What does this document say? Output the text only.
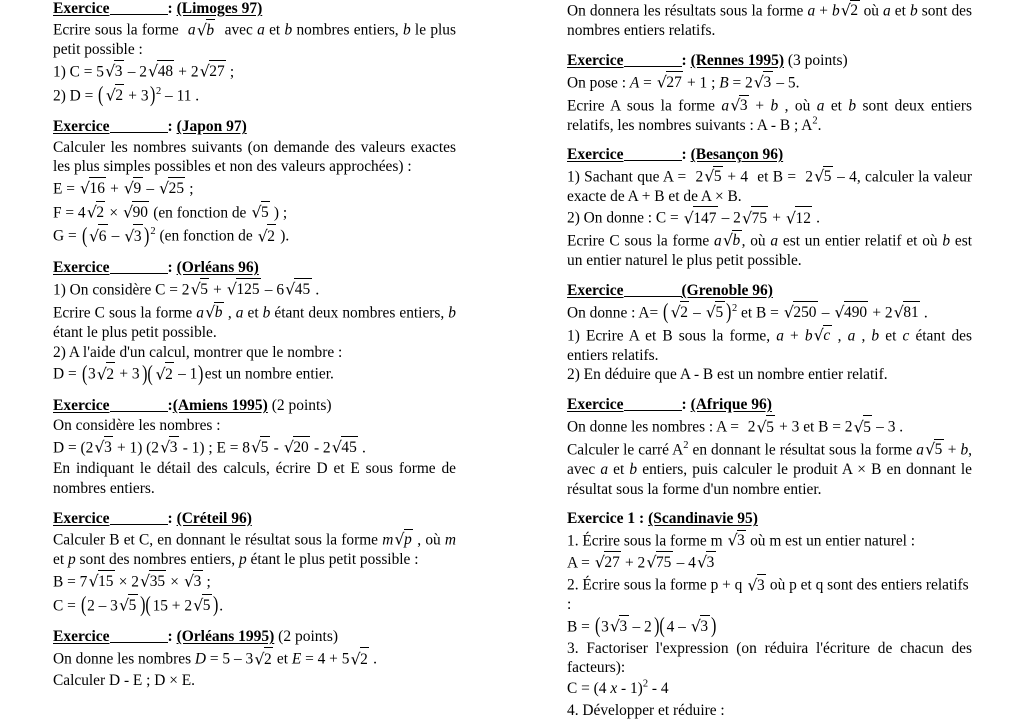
Exercice	: (Limoges 97)

Ecrire sous la forme a√b avec a et b nombres entiers, b le plus petit possible :

1) C = 5√3 – 2√48 + 2√27 ;

2) D = ( √2 + 3)$^2$ – 11 .

Exercice	: (Japon 97)

Calculer les nombres suivants (on demande des valeurs exactes les plus simples possibles et non des valeurs approchées) :

E = √16 + √9 – √25 ;

F = 4√2 × √90 (en fonction de √5 ) ;

G = ( √6 – √3 )$^2$ (en fonction de √2 ).

Exercice	: (Orléans 96)

1) On considère C = 2√5 + √125 – 6√45 .

Ecrire C sous la forme a√b , a et b étant deux nombres entiers, b étant le plus petit possible.

2) A l'aide d'un calcul, montrer que le nombre :

D = (3√2 + 3)( √2 – 1)est un nombre entier.

Exercice	:(Amiens 1995) (2 points)

On considère les nombres :

D = (2√3 + 1) (2√3 - 1) ; E = 8√5 - √20 - 2√45 .

En indiquant le détail des calculs, écrire D et E sous forme de nombres entiers.

Exercice	: (Créteil 96)

Calculer B et C, en donnant le résultat sous la forme m√p , où m et p sont des nombres entiers, p étant le plus petit possible :

B = 7√15 × 2√35 × √3 ;

C = (2 – 3√5 )( 15 + 2√5 ).

Exercice	: (Orléans 1995) (2 points)

On donne les nombres D = 5 – 3√2 et E = 4 + 5√2 .

Calculer D - E ; D × E.

On donnera les résultats sous la forme a + b√2 où a et b sont des nombres entiers relatifs.

Exercice	: (Rennes 1995) (3 points)

On pose : A = √27 + 1 ; B = 2√3 – 5.

Ecrire A sous la forme a√3 + b , où a et b sont deux entiers relatifs, les nombres suivants : A - B ; $A^2$.

Exercice	: (Besançon 96)

1) Sachant que A = 2√5 + 4 et B = 2√5 – 4, calculer la valeur exacte de A + B et de A × B.

2) On donne : C = √147 – 2√75 + √12 .

Ecrire C sous la forme a√b, où a est un entier relatif et où b est un entier naturel le plus petit possible.

Exercice	(Grenoble 96)

On donne : A= ( √2 – √5 )$^2$ et B = √250 – √490 + 2√81 .

1) Ecrire A et B sous la forme, a + b√c , a , b et c étant des entiers relatifs.

2) En déduire que A - B est un nombre entier relatif.

Exercice	: (Afrique 96)

On donne les nombres : A = 2√5 + 3 et B = 2√5 – 3 .

Calculer le carré $A^2$ en donnant le résultat sous la forme a√5 + b, avec a et b entiers, puis calculer le produit A × B en donnant le résultat sous la forme d'un nombre entier.

Exercice 1 : (Scandinavie 95)

1. Écrire sous la forme m √3 où m est un entier naturel :

A = √27 + 2√75 – 4√3

2. Écrire sous la forme p + q √3 où p et q sont des entiers relatifs :

B = (3√3 – 2)( 4 – √3 )

3. Factoriser l'expression (on réduira l'écriture de chacun des facteurs):

C = (4 x - 1)$^2$ - 4

4. Développer et réduire :
